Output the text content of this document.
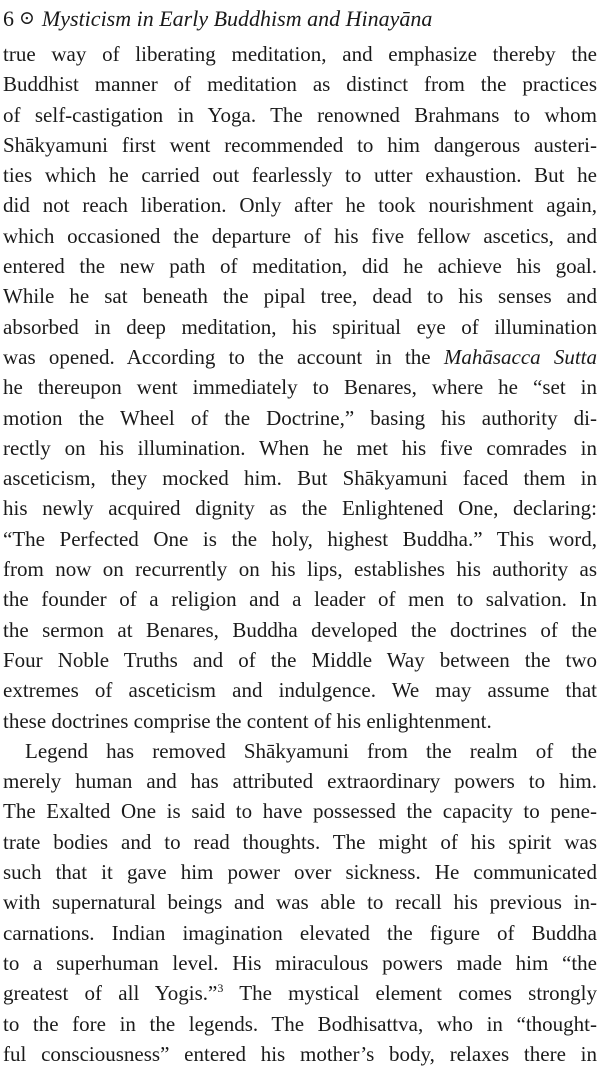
6 ⊙ Mysticism in Early Buddhism and Hinayāna
true way of liberating meditation, and emphasize thereby the
Buddhist manner of meditation as distinct from the practices
of self-castigation in Yoga. The renowned Brahmans to whom
Shākyamuni first went recommended to him dangerous austeri-
ties which he carried out fearlessly to utter exhaustion. But he
did not reach liberation. Only after he took nourishment again,
which occasioned the departure of his five fellow ascetics, and
entered the new path of meditation, did he achieve his goal.
While he sat beneath the pipal tree, dead to his senses and
absorbed in deep meditation, his spiritual eye of illumination
was opened. According to the account in the Mahāsacca Sutta
he thereupon went immediately to Benares, where he “set in
motion the Wheel of the Doctrine,” basing his authority di-
rectly on his illumination. When he met his five comrades in
asceticism, they mocked him. But Shākyamuni faced them in
his newly acquired dignity as the Enlightened One, declaring:
“The Perfected One is the holy, highest Buddha.” This word,
from now on recurrently on his lips, establishes his authority as
the founder of a religion and a leader of men to salvation. In
the sermon at Benares, Buddha developed the doctrines of the
Four Noble Truths and of the Middle Way between the two
extremes of asceticism and indulgence. We may assume that
these doctrines comprise the content of his enlightenment.
Legend has removed Shākyamuni from the realm of the
merely human and has attributed extraordinary powers to him.
The Exalted One is said to have possessed the capacity to pene-
trate bodies and to read thoughts. The might of his spirit was
such that it gave him power over sickness. He communicated
with supernatural beings and was able to recall his previous in-
carnations. Indian imagination elevated the figure of Buddha
to a superhuman level. His miraculous powers made him “the
greatest of all Yogis.”$^3$ The mystical element comes strongly
to the fore in the legends. The Bodhisattva, who in “thought-
ful consciousness” entered his mother’s body, relaxes there in
